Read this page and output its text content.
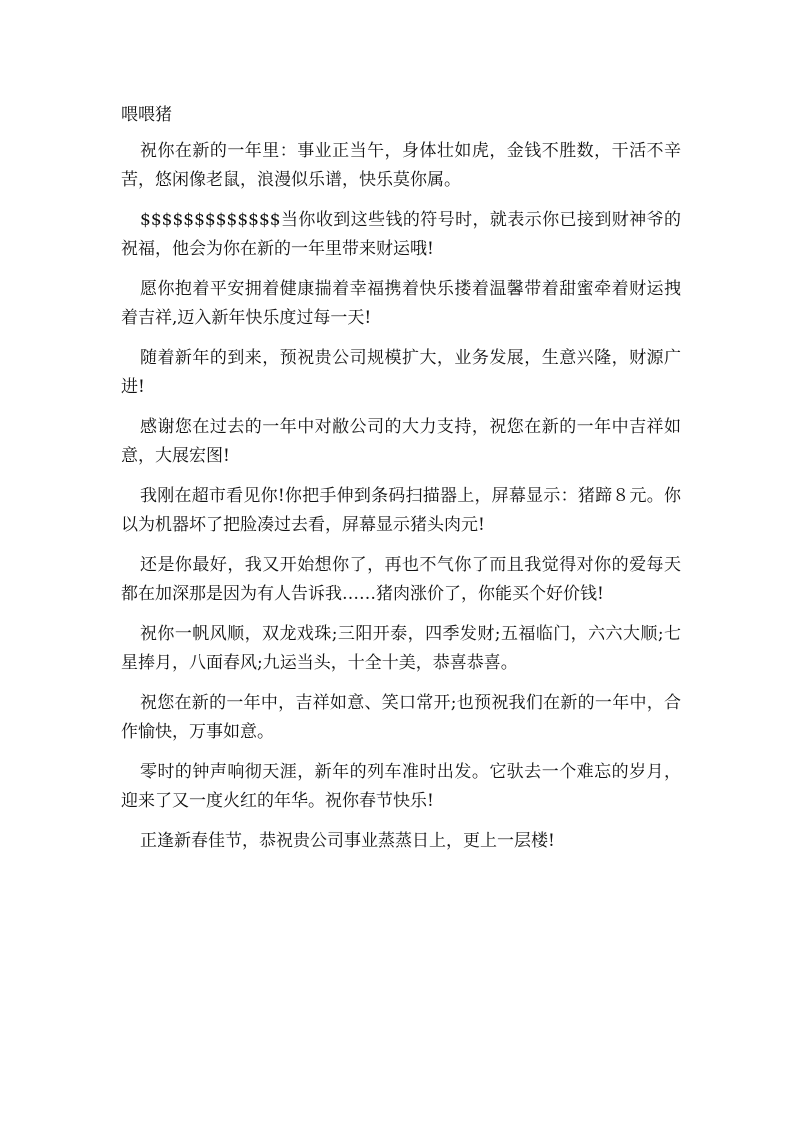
喂喂猪

祝你在新的一年里：事业正当午，身体壮如虎，金钱不胜数，干活不辛苦，悠闲像老鼠，浪漫似乐谱，快乐莫你属。

$$$$$$$$$$$$$当你收到这些钱的符号时，就表示你已接到财神爷的祝福，他会为你在新的一年里带来财运哦!

愿你抱着平安拥着健康揣着幸福携着快乐搂着温馨带着甜蜜牵着财运拽着吉祥,迈入新年快乐度过每一天!

随着新年的到来，预祝贵公司规模扩大，业务发展，生意兴隆，财源广进!

感谢您在过去的一年中对敝公司的大力支持，祝您在新的一年中吉祥如意，大展宏图!

我刚在超市看见你!你把手伸到条码扫描器上，屏幕显示：猪蹄８元。你以为机器坏了把脸凑过去看，屏幕显示猪头肉元!

还是你最好，我又开始想你了，再也不气你了而且我觉得对你的爱每天都在加深那是因为有人告诉我……猪肉涨价了，你能买个好价钱!

祝你一帆风顺，双龙戏珠;三阳开泰，四季发财;五福临门，六六大顺;七星捧月，八面春风;九运当头，十全十美，恭喜恭喜。

祝您在新的一年中，吉祥如意、笑口常开;也预祝我们在新的一年中，合作愉快，万事如意。

零时的钟声响彻天涯，新年的列车准时出发。它驮去一个难忘的岁月，迎来了又一度火红的年华。祝你春节快乐!

正逢新春佳节，恭祝贵公司事业蒸蒸日上，更上一层楼!
